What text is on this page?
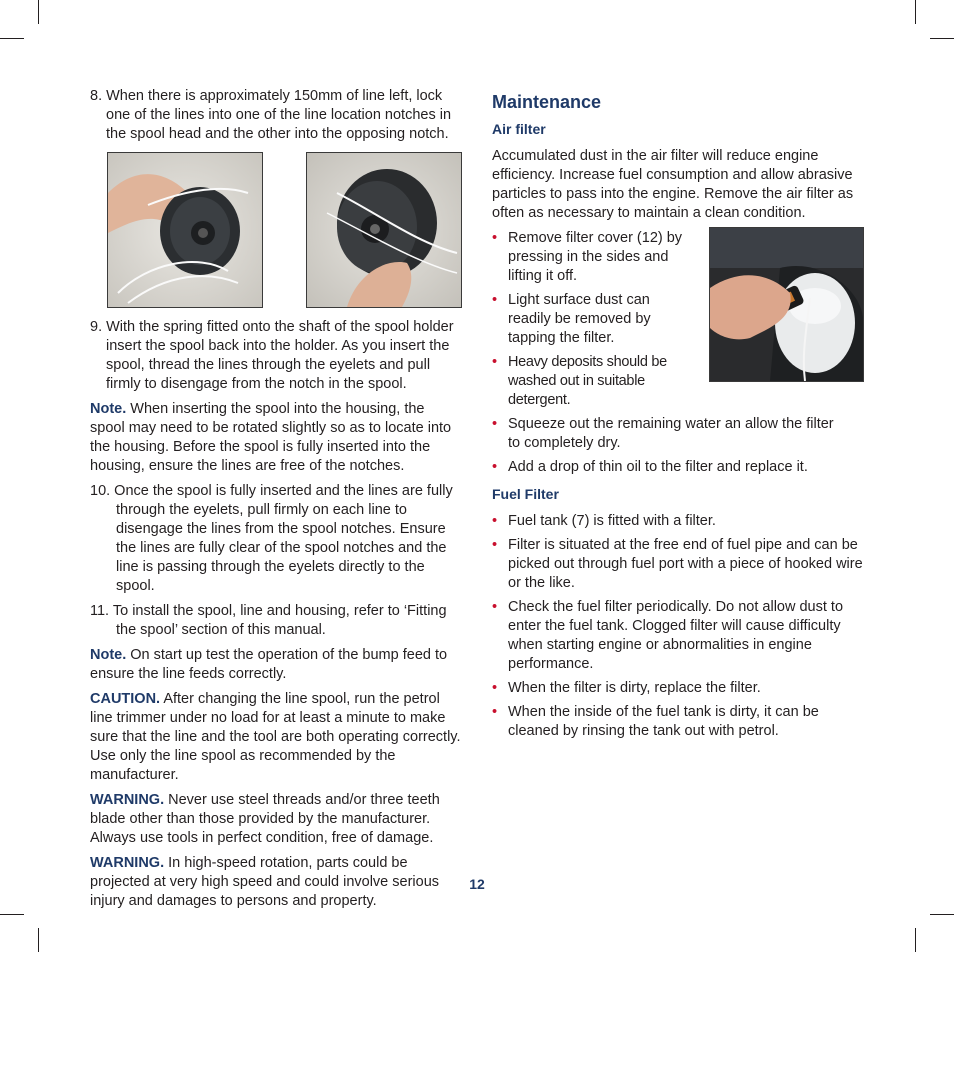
8. When there is approximately 150mm of line left, lock one of the lines into one of the line location notches in the spool head and the other into the opposing notch.

9. With the spring fitted onto the shaft of the spool holder insert the spool back into the holder. As you insert the spool, thread the lines through the eyelets and pull firmly to disengage from the notch in the spool.

Note. When inserting the spool into the housing, the spool may need to be rotated slightly so as to locate into the housing. Before the spool is fully inserted into the housing, ensure the lines are free of the notches.

10. Once the spool is fully inserted and the lines are fully through the eyelets, pull firmly on each line to disengage the lines from the spool notches. Ensure the lines are fully clear of the spool notches and the line is passing through the eyelets directly to the spool.

11. To install the spool, line and housing, refer to ‘Fitting the spool’ section of this manual.

Note. On start up test the operation of the bump feed to ensure the line feeds correctly.

CAUTION. After changing the line spool, run the petrol line trimmer under no load for at least a minute to make sure that the line and the tool are both operating correctly. Use only the line spool as recommended by the manufacturer.

WARNING. Never use steel threads and/or three teeth blade other than those provided by the manufacturer. Always use tools in perfect condition, free of damage.

WARNING. In high-speed rotation, parts could be projected at very high speed and could involve serious injury and damages to persons and property.

Maintenance
Air filter

Accumulated dust in the air filter will reduce engine efficiency. Increase fuel consumption and allow abrasive particles to pass into the engine. Remove the air filter as often as necessary to maintain a clean condition.

• Remove filter cover (12) by pressing in the sides and lifting it off.
• Light surface dust can readily be removed by tapping the filter.
• Heavy deposits should be washed out in suitable detergent.
• Squeeze out the remaining water an allow the filter to completely dry.
• Add a drop of thin oil to the filter and replace it.
Fuel Filter
• Fuel tank (7) is fitted with a filter.
• Filter is situated at the free end of fuel pipe and can be picked out through fuel port with a piece of hooked wire or the like.
• Check the fuel filter periodically. Do not allow dust to enter the fuel tank. Clogged filter will cause difficulty when starting engine or abnormalities in engine performance.
• When the filter is dirty, replace the filter.
• When the inside of the fuel tank is dirty, it can be cleaned by rinsing the tank out with petrol.
12
